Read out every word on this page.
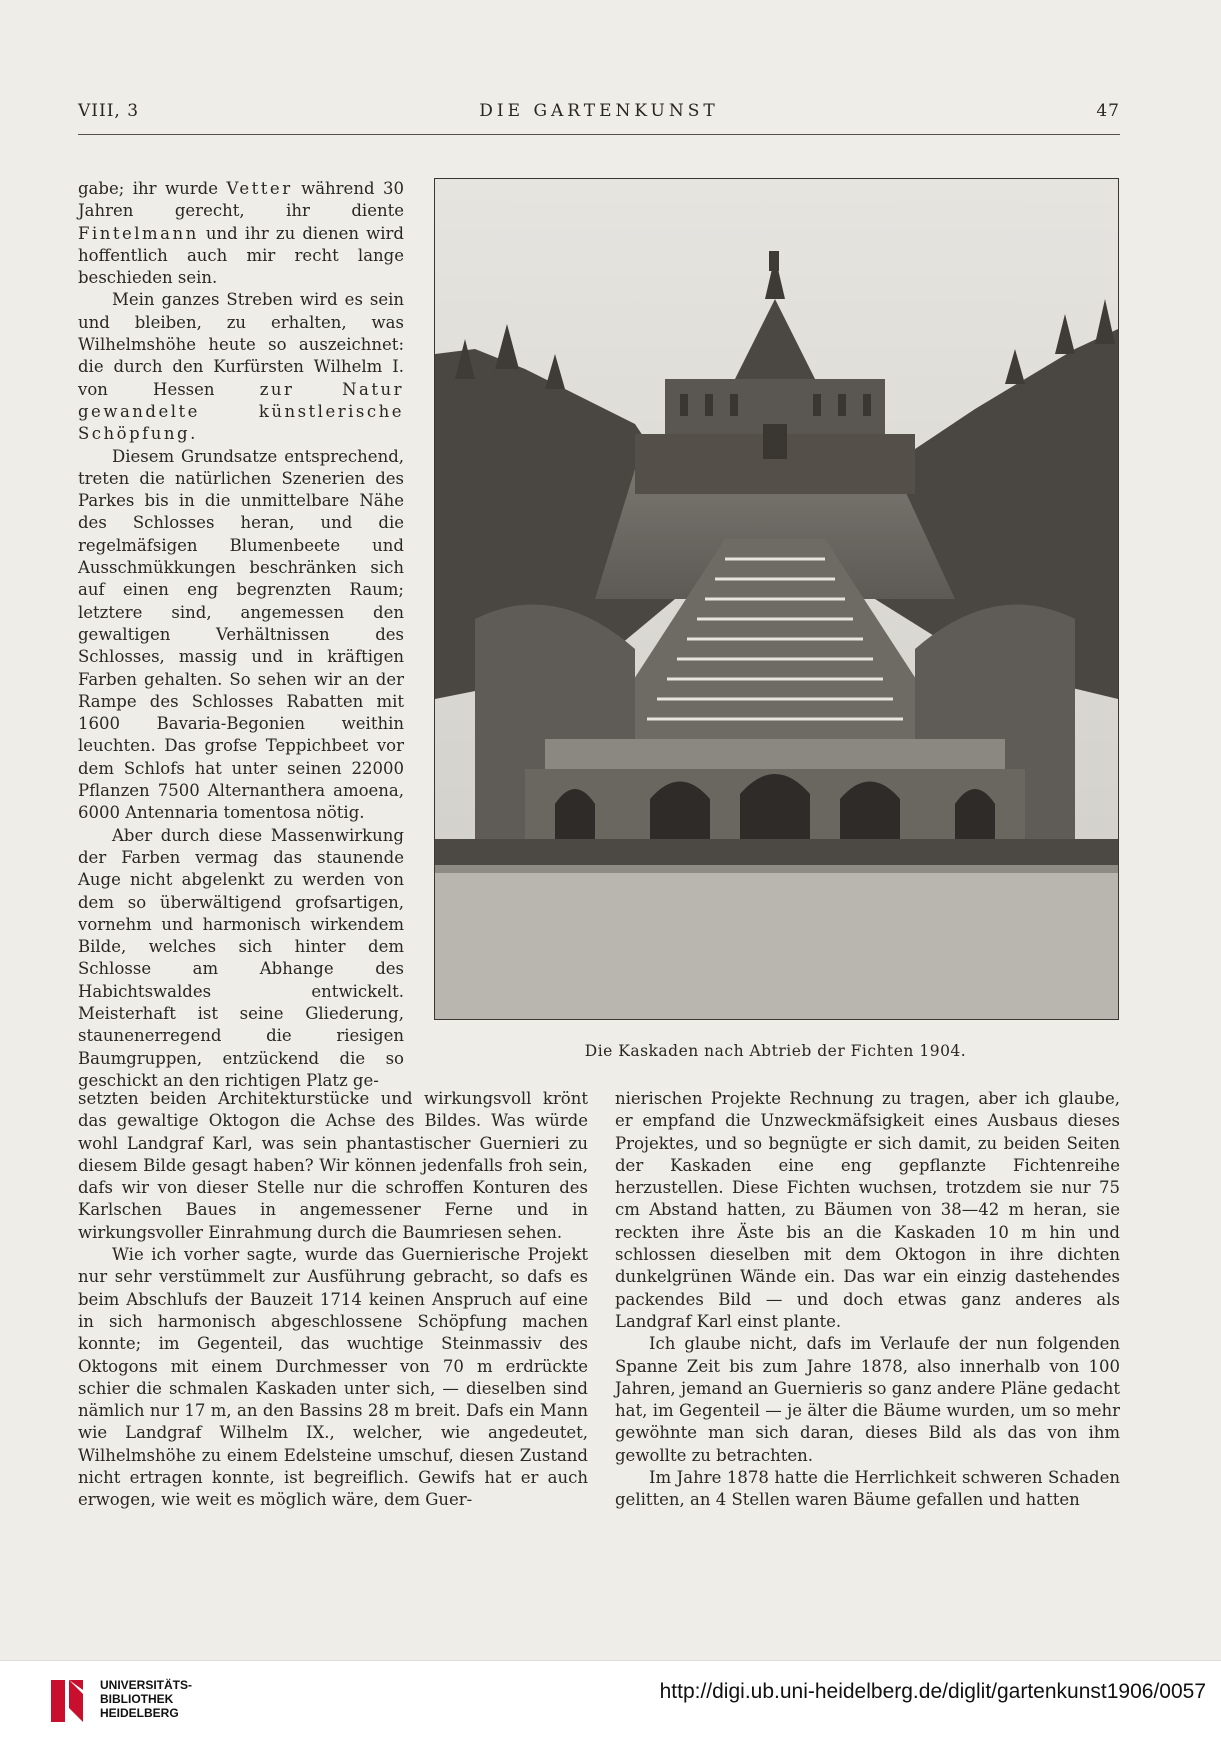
VIII, 3	DIE GARTENKUNST	47

gabe; ihr wurde Vetter während 30 Jahren gerecht, ihr diente Fintelmann und ihr zu dienen wird hoffentlich auch mir recht lange beschieden sein.

Mein ganzes Streben wird es sein und bleiben, zu erhalten, was Wilhelmshöhe heute so auszeichnet: die durch den Kurfürsten Wilhelm I. von Hessen zur Natur gewandelte künstlerische Schöpfung.

Diesem Grundsatze entsprechend, treten die natürlichen Szenerien des Parkes bis in die unmittelbare Nähe des Schlosses heran, und die regelmäfsigen Blumenbeete und Ausschmükkungen beschränken sich auf einen eng begrenzten Raum; letztere sind, angemessen den gewaltigen Verhältnissen des Schlosses, massig und in kräftigen Farben gehalten. So sehen wir an der Rampe des Schlosses Rabatten mit 1600 Bavaria-Begonien weithin leuchten. Das grofse Teppichbeet vor dem Schlofs hat unter seinen 22000 Pflanzen 7500 Alternanthera amoena, 6000 Antennaria tomentosa nötig.

Aber durch diese Massenwirkung der Farben vermag das staunende Auge nicht abgelenkt zu werden von dem so überwältigend grofsartigen, vornehm und harmonisch wirkendem Bilde, welches sich hinter dem Schlosse am Abhange des Habichtswaldes entwickelt. Meisterhaft ist seine Gliederung, staunenerregend die riesigen Baumgruppen, entzückend die so geschickt an den richtigen Platz ge-

Die Kaskaden nach Abtrieb der Fichten 1904.

setzten beiden Architekturstücke und wirkungsvoll krönt das gewaltige Oktogon die Achse des Bildes. Was würde wohl Landgraf Karl, was sein phantastischer Guernieri zu diesem Bilde gesagt haben? Wir können jedenfalls froh sein, dafs wir von dieser Stelle nur die schroffen Konturen des Karlschen Baues in angemessener Ferne und in wirkungsvoller Einrahmung durch die Baumriesen sehen.

Wie ich vorher sagte, wurde das Guernierische Projekt nur sehr verstümmelt zur Ausführung gebracht, so dafs es beim Abschlufs der Bauzeit 1714 keinen Anspruch auf eine in sich harmonisch abgeschlossene Schöpfung machen konnte; im Gegenteil, das wuchtige Steinmassiv des Oktogons mit einem Durchmesser von 70 m erdrückte schier die schmalen Kaskaden unter sich, — dieselben sind nämlich nur 17 m, an den Bassins 28 m breit. Dafs ein Mann wie Landgraf Wilhelm IX., welcher, wie angedeutet, Wilhelmshöhe zu einem Edelsteine umschuf, diesen Zustand nicht ertragen konnte, ist begreiflich. Gewifs hat er auch erwogen, wie weit es möglich wäre, dem Guer-

nierischen Projekte Rechnung zu tragen, aber ich glaube, er empfand die Unzweckmäfsigkeit eines Ausbaus dieses Projektes, und so begnügte er sich damit, zu beiden Seiten der Kaskaden eine eng gepflanzte Fichtenreihe herzustellen. Diese Fichten wuchsen, trotzdem sie nur 75 cm Abstand hatten, zu Bäumen von 38—42 m heran, sie reckten ihre Äste bis an die Kaskaden 10 m hin und schlossen dieselben mit dem Oktogon in ihre dichten dunkelgrünen Wände ein. Das war ein einzig dastehendes packendes Bild — und doch etwas ganz anderes als Landgraf Karl einst plante.

Ich glaube nicht, dafs im Verlaufe der nun folgenden Spanne Zeit bis zum Jahre 1878, also innerhalb von 100 Jahren, jemand an Guernieris so ganz andere Pläne gedacht hat, im Gegenteil — je älter die Bäume wurden, um so mehr gewöhnte man sich daran, dieses Bild als das von ihm gewollte zu betrachten.

Im Jahre 1878 hatte die Herrlichkeit schweren Schaden gelitten, an 4 Stellen waren Bäume gefallen und hatten

UNIVERSITÄTS-
BIBLIOTHEK
HEIDELBERG
http://digi.ub.uni-heidelberg.de/diglit/gartenkunst1906/0057
